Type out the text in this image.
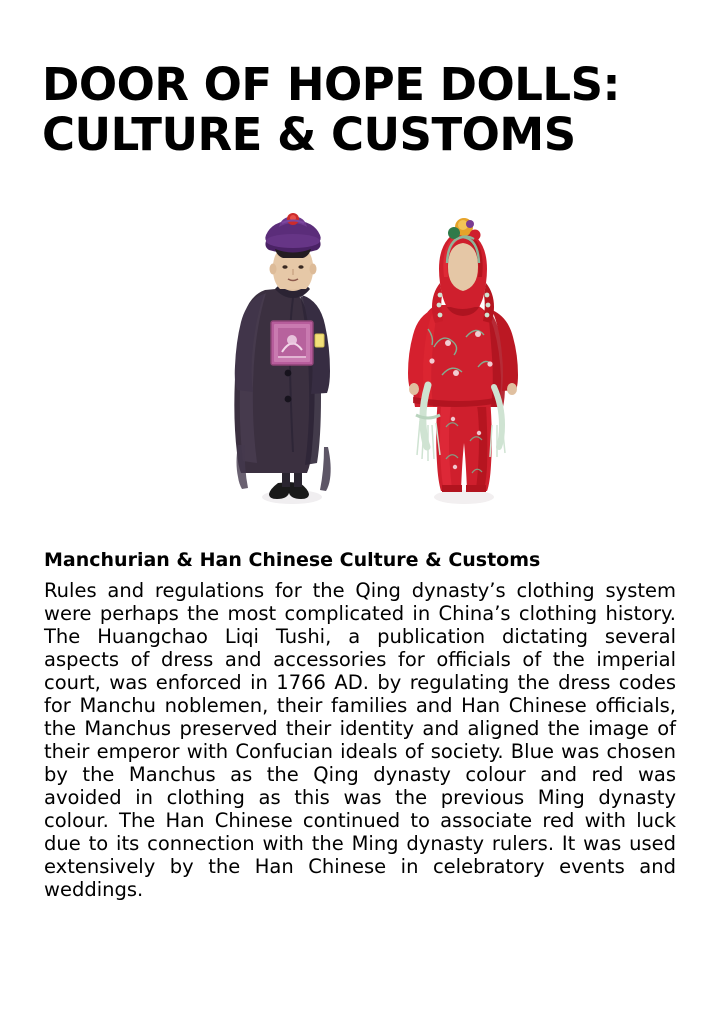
DOOR OF HOPE DOLLS:
CULTURE & CUSTOMS
Manchurian & Han Chinese Culture & Customs

Rules and regulations for the Qing dynasty’s clothing system were perhaps the most complicated in China’s clothing history. The Huangchao Liqi Tushi, a publication dictating several aspects of dress and accessories for officials of the imperial court, was enforced in 1766 AD. by regulating the dress codes for Manchu noblemen, their families and Han Chinese officials, the Manchus preserved their identity and aligned the image of their emperor with Confucian ideals of society. Blue was chosen by the Manchus as the Qing dynasty colour and red was avoided in clothing as this was the previous Ming dynasty colour. The Han Chinese continued to associate red with luck due to its connection with the Ming dynasty rulers. It was used extensively by the Han Chinese in celebratory events and weddings.
